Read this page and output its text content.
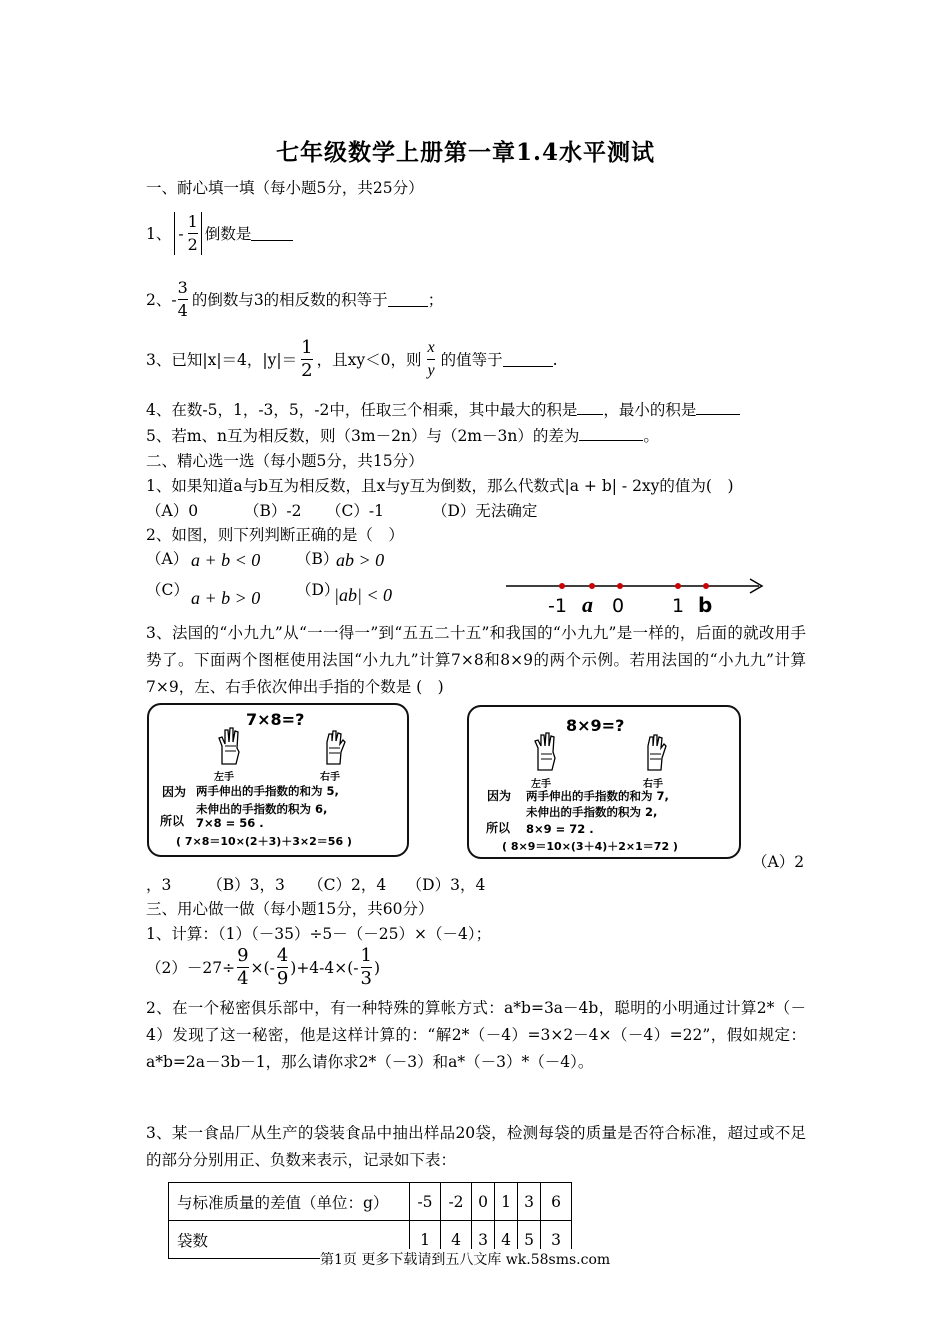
七年级数学上册第一章1.4水平测试
一、耐心填一填（每小题5分，共25分）
1、 - $\frac{1}{2}$ 倒数是
2、 - $\frac{3}{4}$ 的倒数与3的相反数的积等于	；
3、已知|x|＝4，$|y|= \frac{1}{2}$ ，且xy＜0，则 $\frac{x}{y}$ 的值等于	.
4、在数-5，1，-3，5，-2中，任取三个相乘，其中最大的积是 ，最小的积是
5、若m、n互为相反数，则（3m－2n）与（2m－3n）的差为	。
二、精心选一选（每小题5分，共15分）
1、如果知道a与b互为相反数，且x与y互为倒数，那么代数式|a + b| - 2xy的值为(　)
（A）0	（B）-2 （C）-1	（D）无法确定
2、如图，则下列判断正确的是（　）
（A） a + b < 0 （B）
ab > 0
（C） a + b > 0 （D）
|ab| < 0	-1 a 0	1 b
3、法国的“小九九”从“一一得一”到“五五二十五”和我国的“小九九”是一样的，后面的就改用手势了。下面两个图框使用法国“小九九”计算7×8和8×9的两个示例。若用法国的“小九九”计算7×9，左、右手依次伸出手指的个数是 (　)
7×8=?
左手	右手
因为 两手伸出的手指数的和为 5,
未伸出的手指数的积为 6,
所以 7×8 = 56 .
( 7×8＝10×(2＋3)＋3×2＝56 )
8×9=?
左手	右手
因为 两手伸出的手指数的和为 7,
未伸出的手指数的积为 2,
所以 8×9 = 72 .
( 8×9＝10×(3＋4)＋2×1＝72 )
（A）2
，3　　 （B）3，3　　（C）2，4　 （D）3，4
三、用心做一做（每小题15分，共60分）
1、计算：（1）（－35）÷5－（－25）×（－4）；
$(2)-27\div \frac{9}{4}$ ×(- $\frac{4}{9} )+4-4\times(- \frac{1}{3}$ )
2、在一个秘密俱乐部中，有一种特殊的算帐方式：a*b=3a－4b，聪明的小明通过计算2*（－4）发现了这一秘密，他是这样计算的：“解2*（－4）=3×2－4×（－4）=22”，假如规定：a*b=2a－3b－1，那么请你求2*（－3）和a*（－3）*（－4）。
3、某一食品厂从生产的袋装食品中抽出样品20袋，检测每袋的质量是否符合标准，超过或不足的部分分别用正、负数来表示，记录如下表：
与标准质量的差值（单位：g）	-5	-2	0	1	3	6
袋数	1	4	3	4	5	3
第1页 更多下载请到五八文库 wk.58sms.com
